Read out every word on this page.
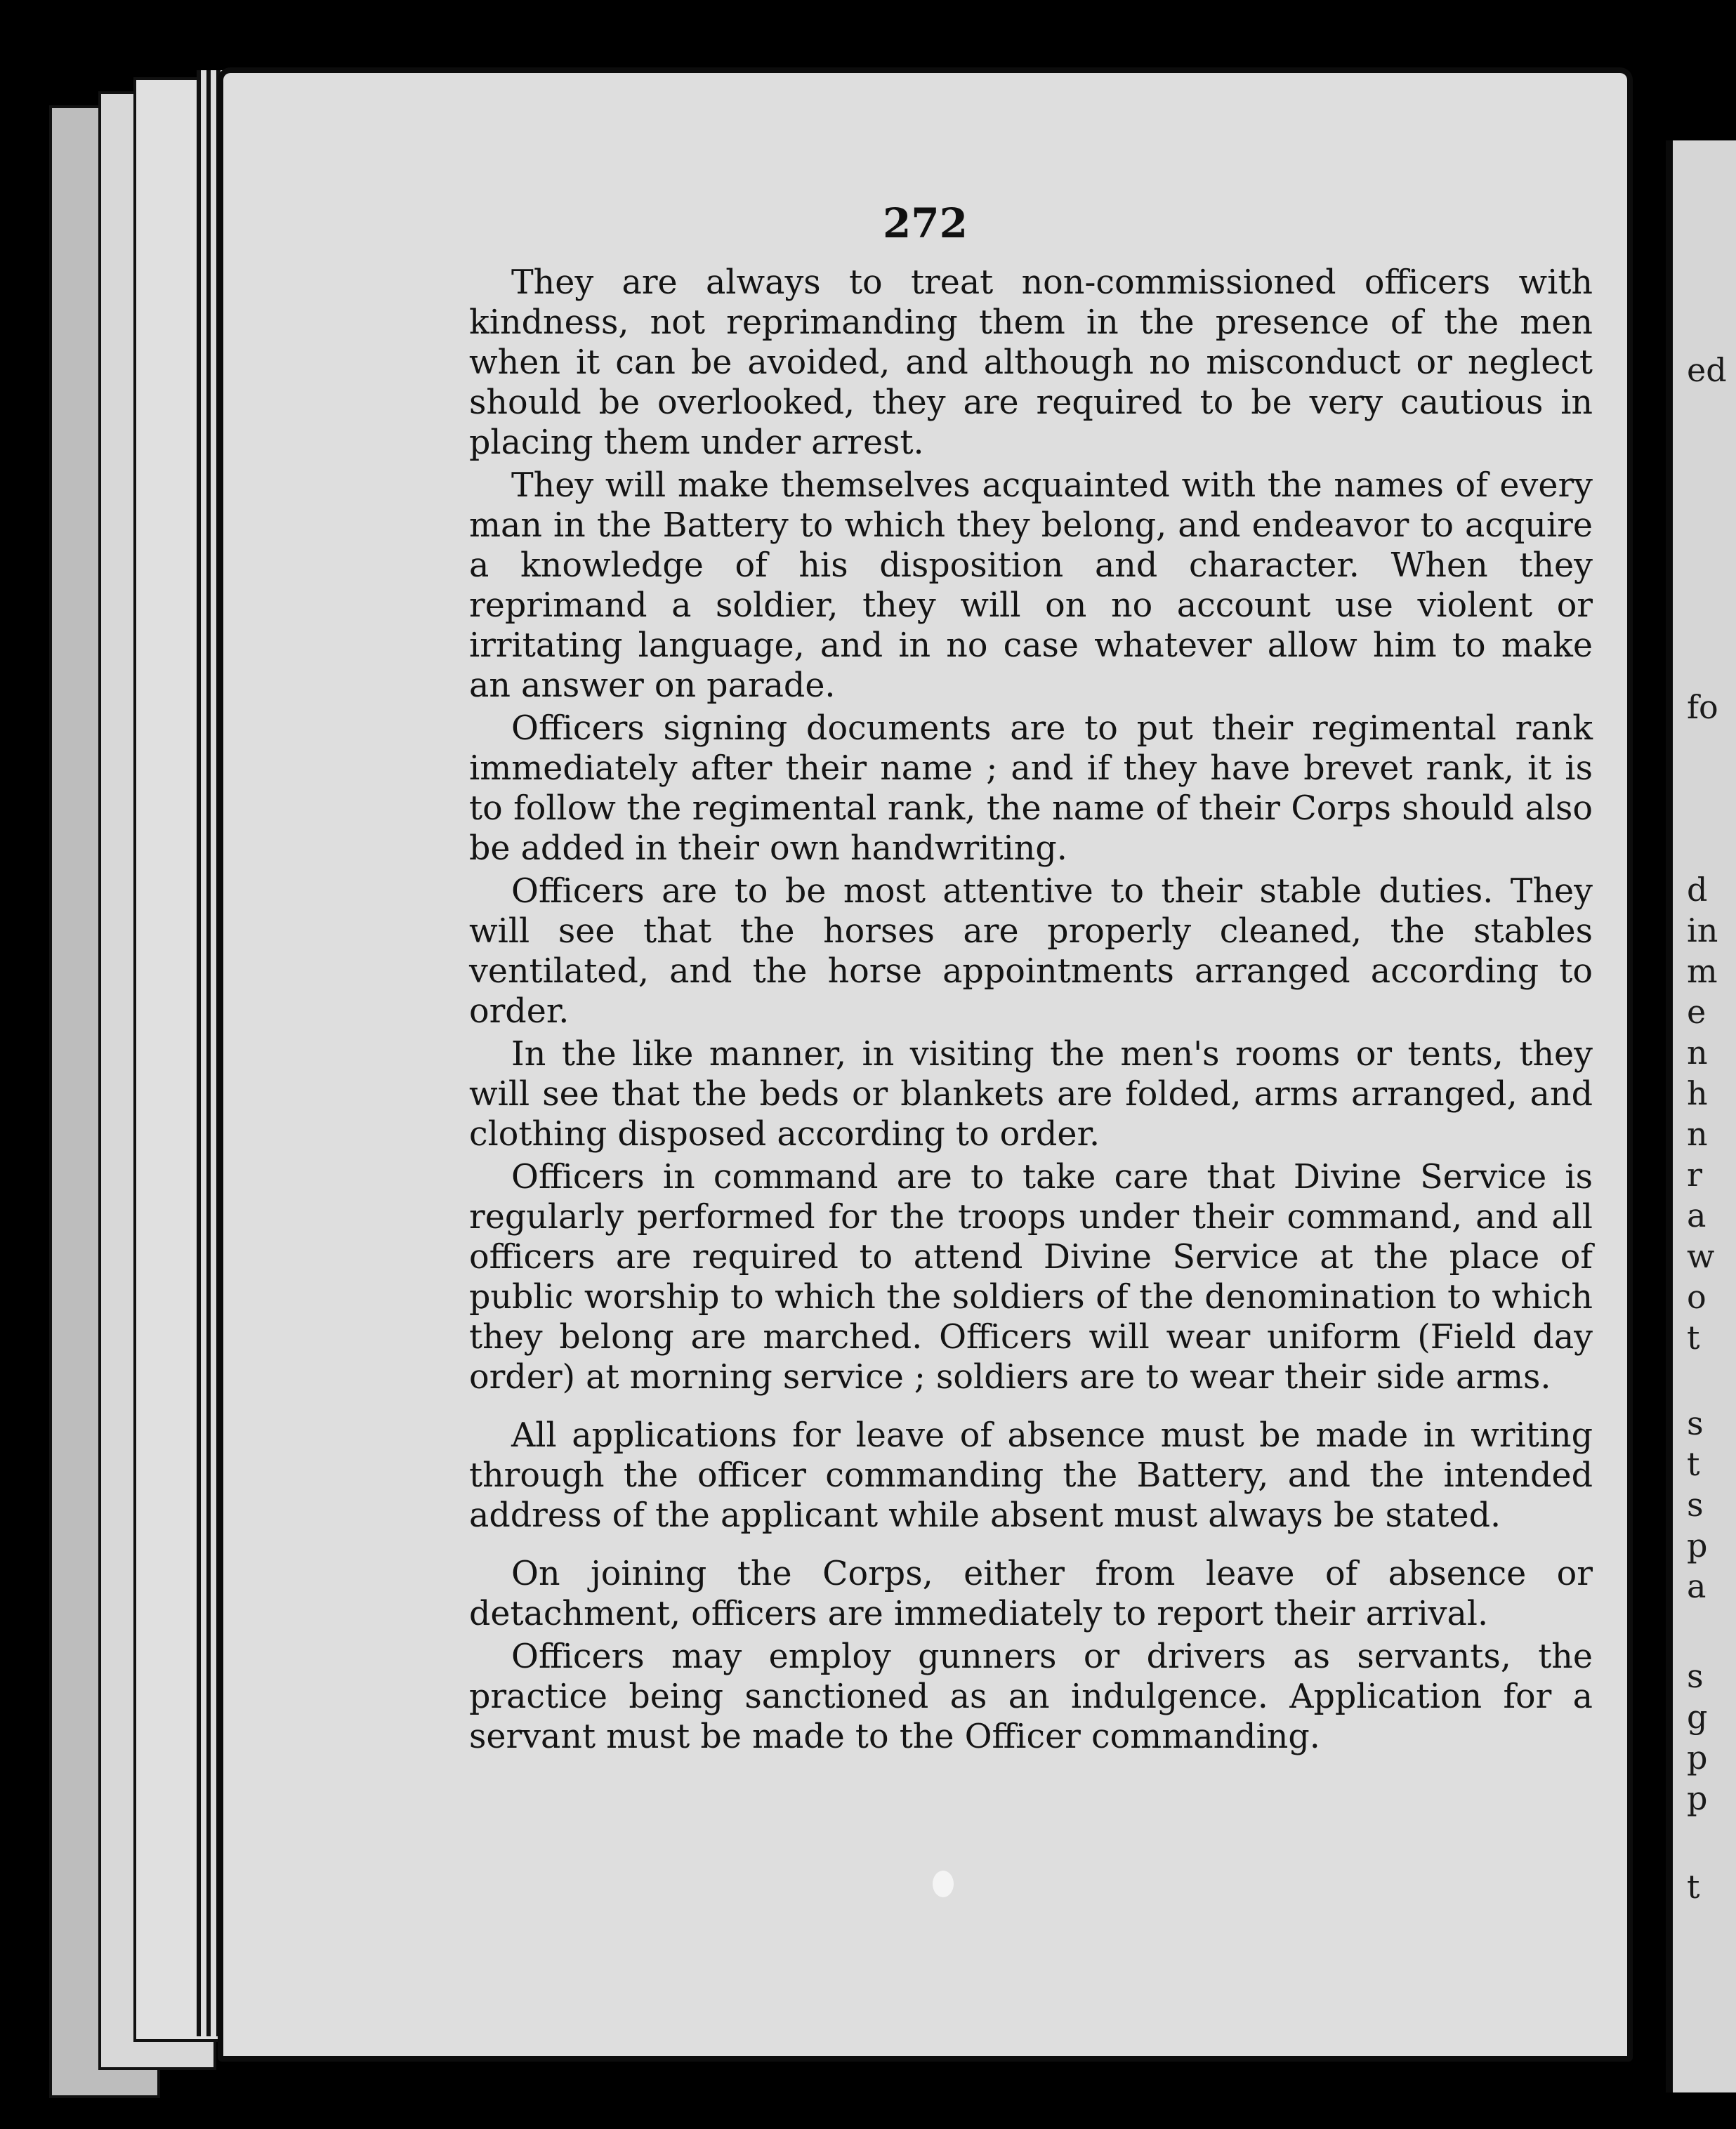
272

They are always to treat non-commissioned officers with kindness, not reprimanding them in the presence of the men when it can be avoided, and although no misconduct or neglect should be overlooked, they are required to be very cautious in placing them under arrest.

They will make themselves acquainted with the names of every man in the Battery to which they belong, and endeavor to acquire a knowledge of his disposition and character. When they reprimand a soldier, they will on no account use violent or irritating language, and in no case whatever allow him to make an answer on parade.

Officers signing documents are to put their regimental rank immediately after their name ; and if they have brevet rank, it is to follow the regimental rank, the name of their Corps should also be added in their own handwriting.

Officers are to be most attentive to their stable duties. They will see that the horses are properly cleaned, the stables ventilated, and the horse appointments arranged according to order.

In the like manner, in visiting the men's rooms or tents, they will see that the beds or blankets are folded, arms arranged, and clothing disposed according to order.

Officers in command are to take care that Divine Service is regularly performed for the troops under their command, and all officers are required to attend Divine Service at the place of public worship to which the soldiers of the denomination to which they belong are marched. Officers will wear uniform (Field day order) at morning service ; soldiers are to wear their side arms.

All applications for leave of absence must be made in writing through the officer commanding the Battery, and the intended address of the applicant while absent must always be stated.

On joining the Corps, either from leave of absence or detachment, officers are immediately to report their arrival.

Officers may employ gunners or drivers as servants, the practice being sanctioned as an indulgence. Application for a servant must be made to the Officer commanding.

ed
fo
d
in
m
e
n
h
n
r
a
w
o
t
s
t
s
p
a
s
g
p
p
t
